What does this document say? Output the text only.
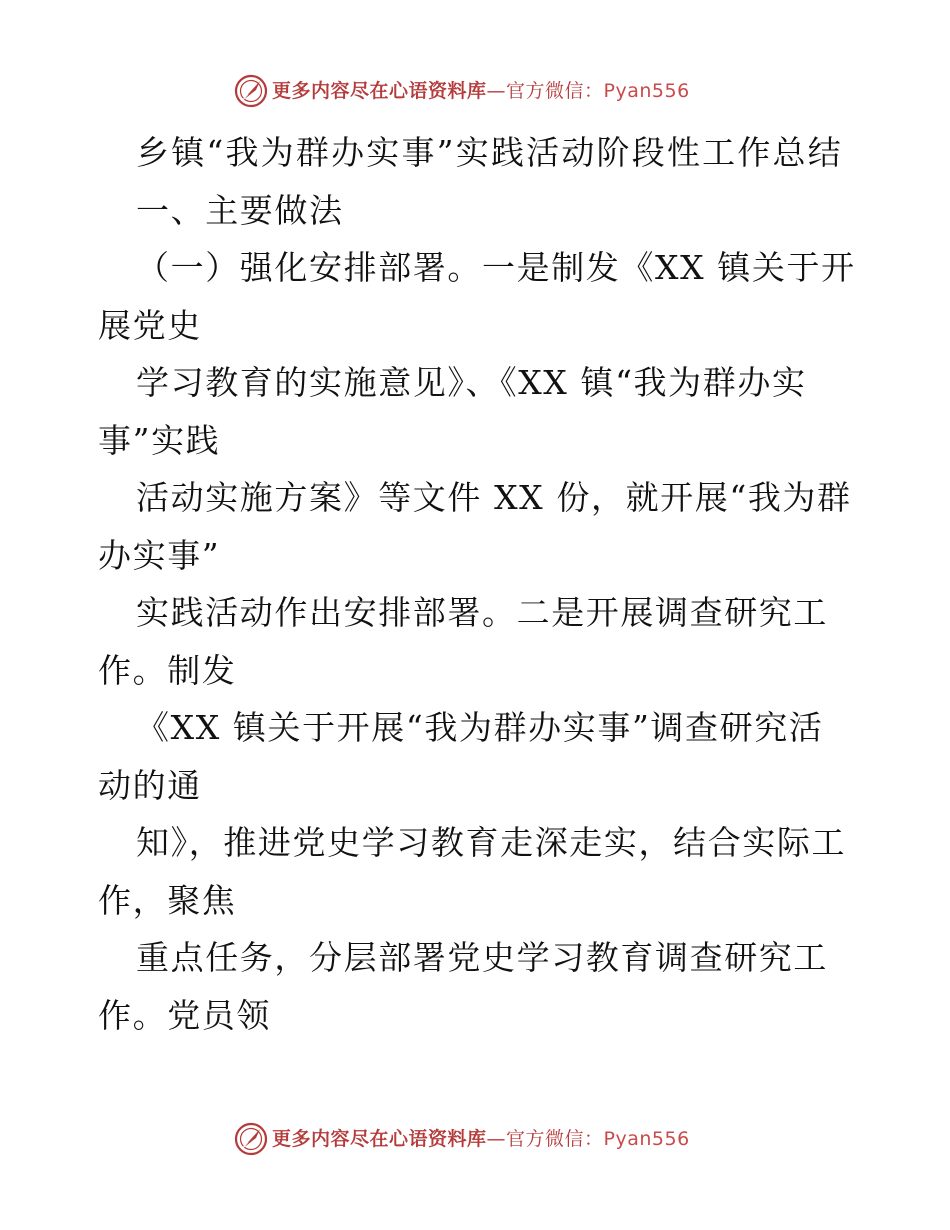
更多内容尽在心语资料库—官方微信：Pyan556
乡镇“我为群办实事”实践活动阶段性工作总结
一、主要做法
（一）强化安排部署。一是制发《XX 镇关于开
展党史
学习教育的实施意见》、《XX 镇“我为群办实
事”实践
活动实施方案》等文件 XX 份，就开展“我为群
办实事”
实践活动作出安排部署。二是开展调查研究工
作。制发
《XX 镇关于开展“我为群办实事”调查研究活
动的通
知》，推进党史学习教育走深走实，结合实际工
作，聚焦
重点任务，分层部署党史学习教育调查研究工
作。党员领
更多内容尽在心语资料库—官方微信：Pyan556
